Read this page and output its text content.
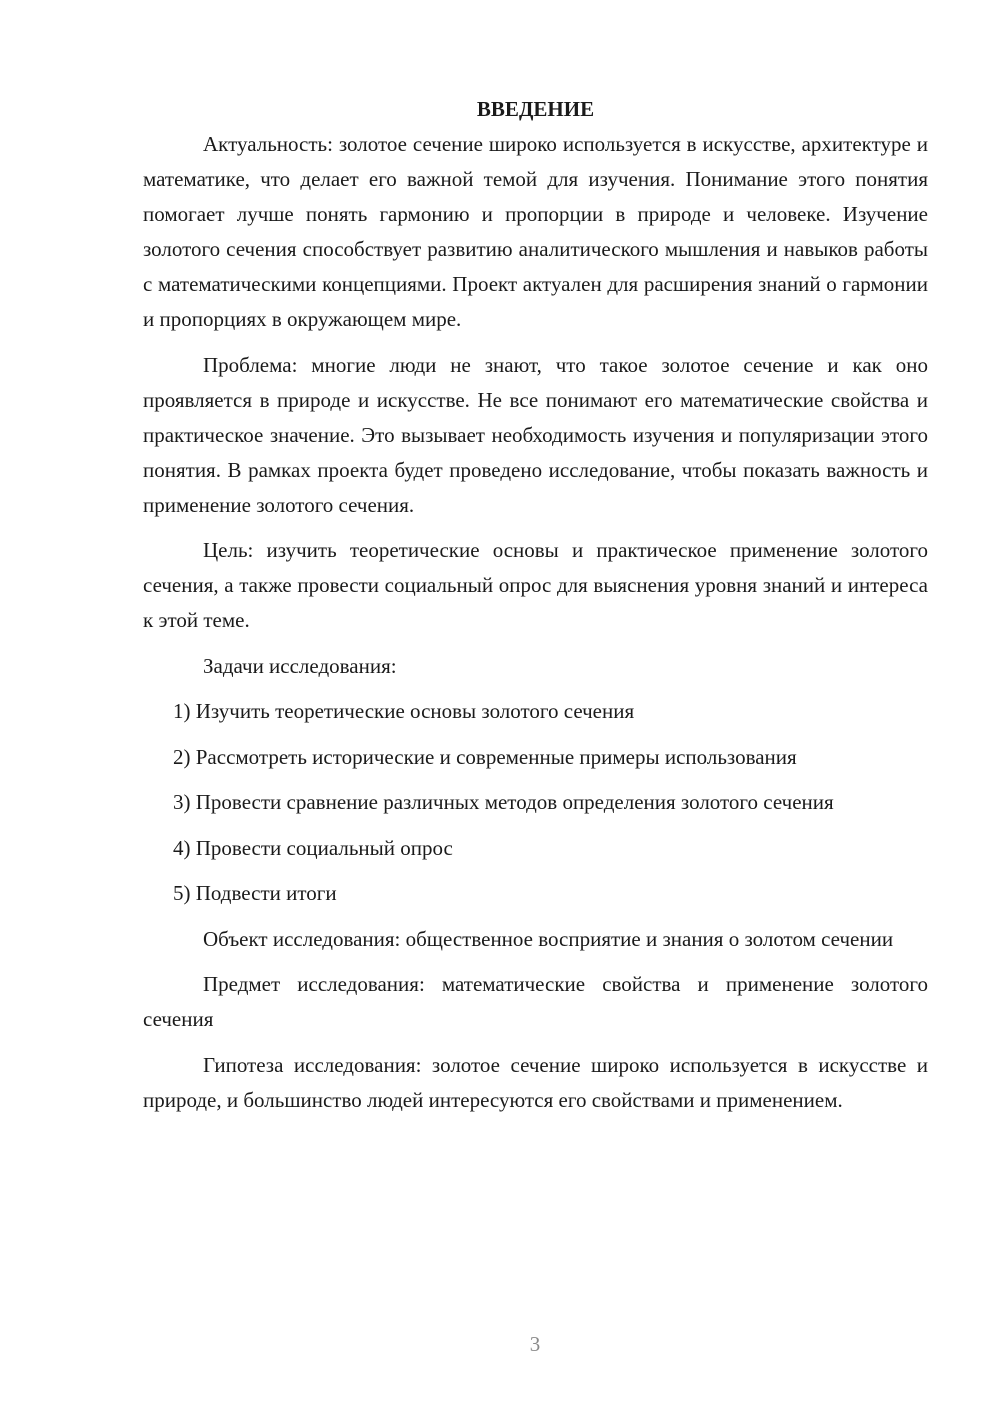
ВВЕДЕНИЕ

Актуальность: золотое сечение широко используется в искусстве, архитектуре и математике, что делает его важной темой для изучения. Понимание этого понятия помогает лучше понять гармонию и пропорции в природе и человеке. Изучение золотого сечения способствует развитию аналитического мышления и навыков работы с математическими концепциями. Проект актуален для расширения знаний о гармонии и пропорциях в окружающем мире.

Проблема: многие люди не знают, что такое золотое сечение и как оно проявляется в природе и искусстве. Не все понимают его математические свойства и практическое значение. Это вызывает необходимость изучения и популяризации этого понятия. В рамках проекта будет проведено исследование, чтобы показать важность и применение золотого сечения.

Цель: изучить теоретические основы и практическое применение золотого сечения, а также провести социальный опрос для выяснения уровня знаний и интереса к этой теме.

Задачи исследования:

1) Изучить теоретические основы золотого сечения

2) Рассмотреть исторические и современные примеры использования

3) Провести сравнение различных методов определения золотого сечения

4) Провести социальный опрос

5) Подвести итоги

Объект исследования: общественное восприятие и знания о золотом сечении

Предмет исследования: математические свойства и применение золотого сечения

Гипотеза исследования: золотое сечение широко используется в искусстве и природе, и большинство людей интересуются его свойствами и применением.

3
